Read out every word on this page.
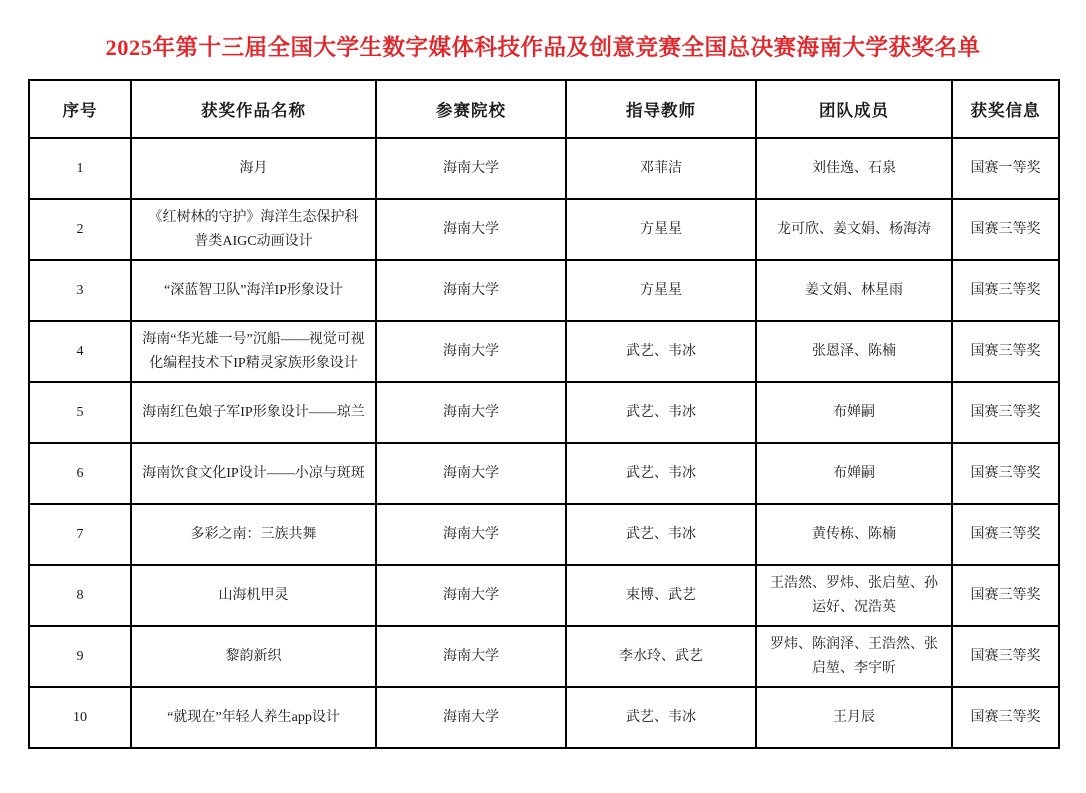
2025年第十三届全国大学生数字媒体科技作品及创意竞赛全国总决赛海南大学获奖名单
序号	获奖作品名称	参赛院校	指导教师	团队成员	获奖信息
1	海月	海南大学	邓菲洁	刘佳逸、石泉	国赛一等奖
2	《红树林的守护》海洋生态保护科普类AIGC动画设计	海南大学	方星星	龙可欣、姜文娟、杨海涛	国赛三等奖
3	“深蓝智卫队”海洋IP形象设计	海南大学	方星星	姜文娟、林星雨	国赛三等奖
4	海南“华光雄一号”沉船——视觉可视化编程技术下IP精灵家族形象设计	海南大学	武艺、韦冰	张恩泽、陈楠	国赛三等奖
5	海南红色娘子军IP形象设计——琼兰	海南大学	武艺、韦冰	布婵嗣	国赛三等奖
6	海南饮食文化IP设计——小凉与斑斑	海南大学	武艺、韦冰	布婵嗣	国赛三等奖
7	多彩之南：三族共舞	海南大学	武艺、韦冰	黄传栋、陈楠	国赛三等奖
8	山海机甲灵	海南大学	束博、武艺	王浩然、罗炜、张启堃、孙运好、况浩英	国赛三等奖
9	黎韵新织	海南大学	李水玲、武艺	罗炜、陈润泽、王浩然、张启堃、李宇昕	国赛三等奖
10	“就现在”年轻人养生app设计	海南大学	武艺、韦冰	王月辰	国赛三等奖
